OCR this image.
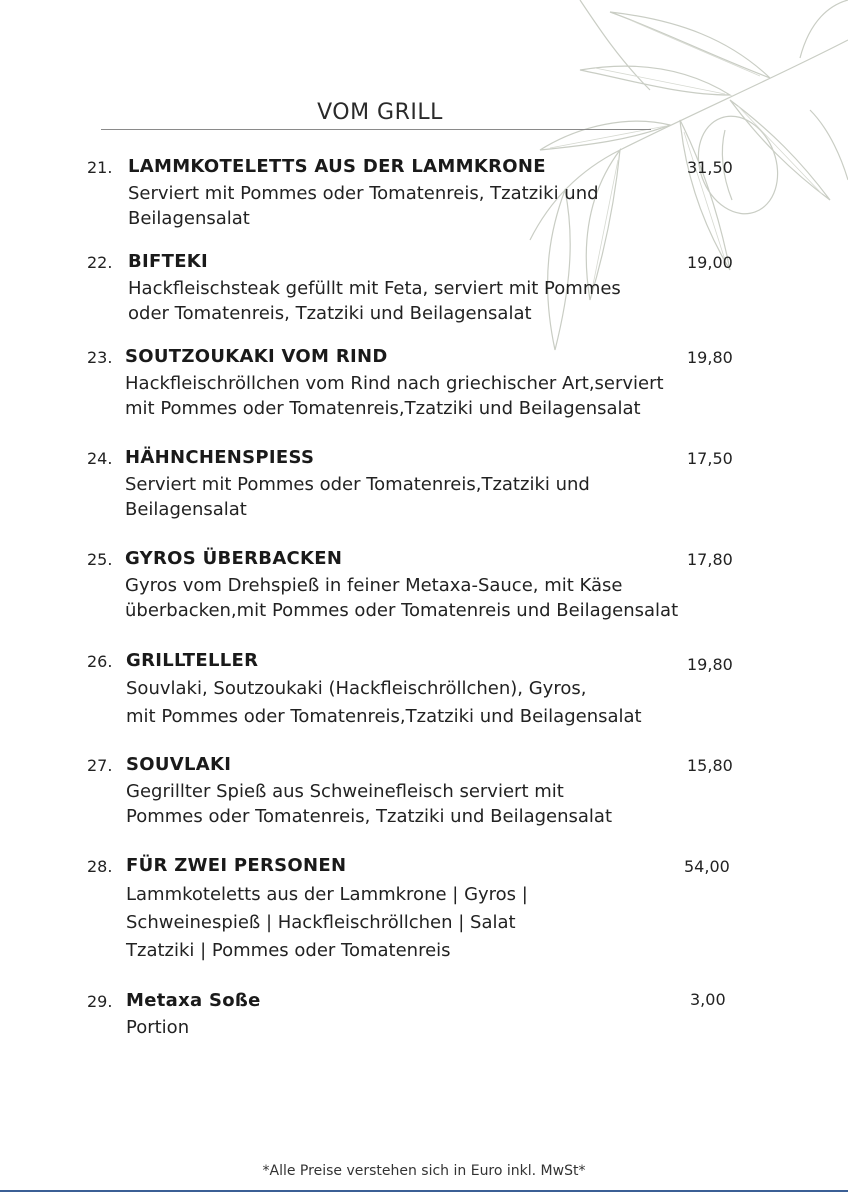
VOM GRILL
21. LAMMKOTELETTS AUS DER LAMMKRONE	31,50
Serviert mit Pommes oder Tomatenreis, Tzatziki und
Beilagensalat
22. BIFTEKI	19,00
Hackfleischsteak gefüllt mit Feta, serviert mit Pommes
oder Tomatenreis, Tzatziki und Beilagensalat
23. SOUTZOUKAKI VOM RIND	19,80
Hackfleischröllchen vom Rind nach griechischer Art,serviert
mit Pommes oder Tomatenreis,Tzatziki und Beilagensalat
24. HÄHNCHENSPIESS	17,50
Serviert mit Pommes oder Tomatenreis,Tzatziki und
Beilagensalat
25. GYROS ÜBERBACKEN	17,80
Gyros vom Drehspieß in feiner Metaxa-Sauce, mit Käse
überbacken,mit Pommes oder Tomatenreis und Beilagensalat
26. GRILLTELLER	19,80
Souvlaki, Soutzoukaki (Hackfleischröllchen), Gyros,
mit Pommes oder Tomatenreis,Tzatziki und Beilagensalat
27. SOUVLAKI	15,80
Gegrillter Spieß aus Schweinefleisch serviert mit
Pommes oder Tomatenreis, Tzatziki und Beilagensalat
28. FÜR ZWEI PERSONEN	54,00
Lammkoteletts aus der Lammkrone | Gyros |
Schweinespieß | Hackfleischröllchen | Salat
Tzatziki | Pommes oder Tomatenreis
29. Metaxa Soße	3,00
Portion
*Alle Preise verstehen sich in Euro inkl. MwSt*
